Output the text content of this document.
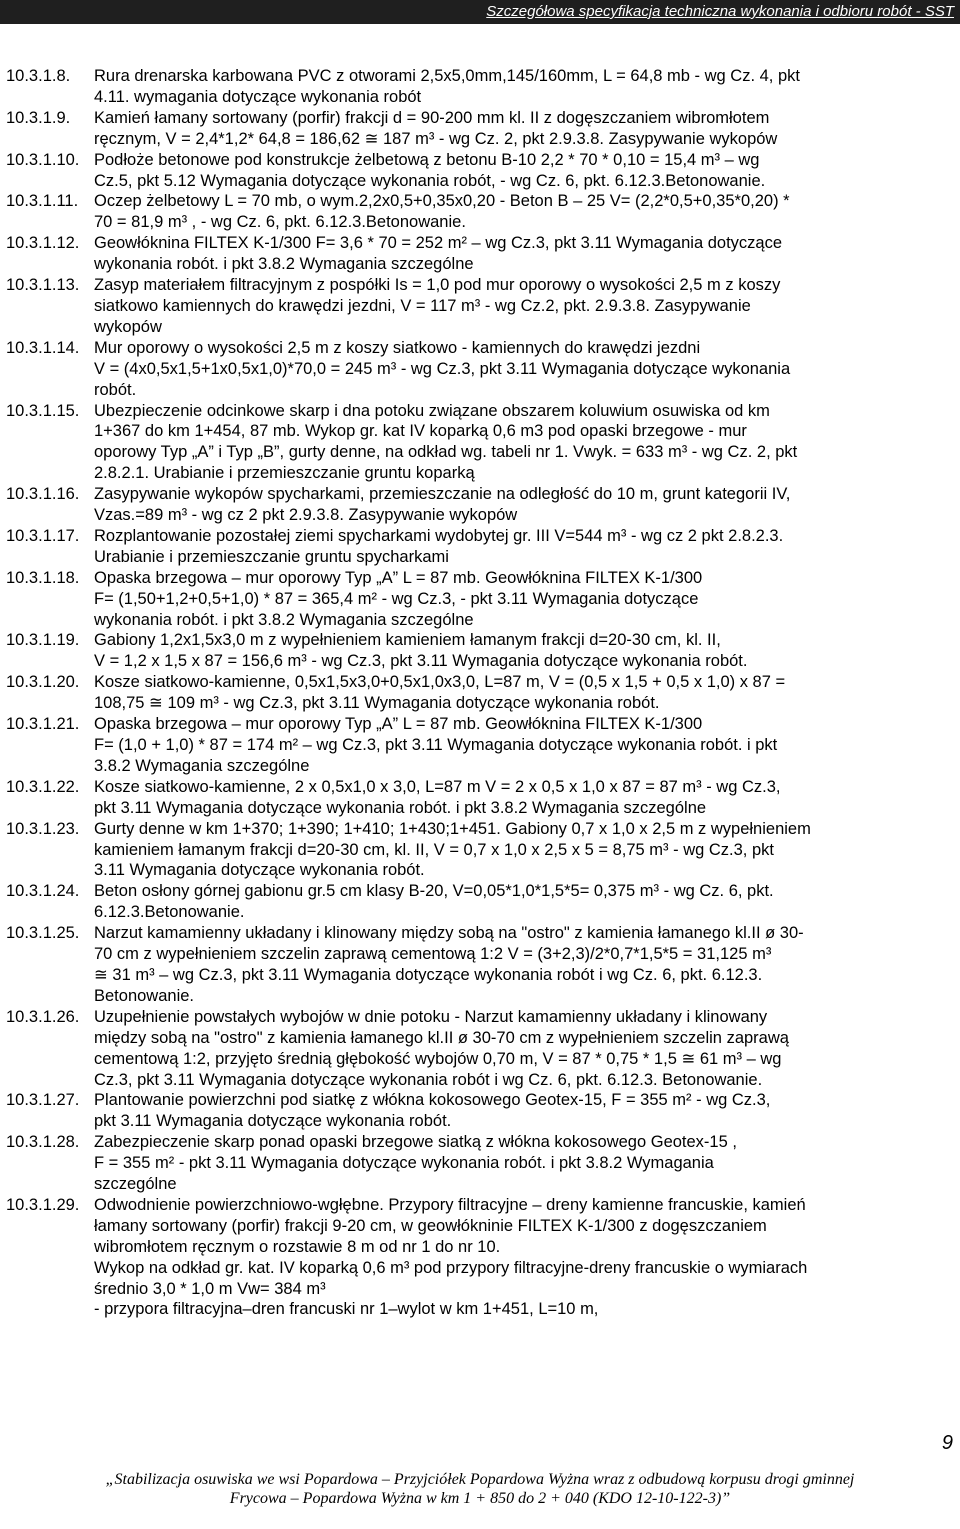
Szczegółowa specyfikacja techniczna wykonania i odbioru robót - SST
10.3.1.8.	Rura drenarska karbowana PVC z otworami 2,5x5,0mm,145/160mm, L = 64,8 mb - wg Cz. 4, pkt
4.11. wymagania dotyczące wykonania robót
10.3.1.9.	Kamień łamany sortowany (porfir) frakcji d = 90-200 mm kl. II z dogęszczaniem wibromłotem
ręcznym, V = 2,4*1,2* 64,8 = 186,62 ≅ 187 m³ - wg Cz. 2, pkt 2.9.3.8. Zasypywanie wykopów
10.3.1.10. Podłoże betonowe pod konstrukcje żelbetową z betonu B-10 2,2 * 70 * 0,10 = 15,4 m³ – wg
Cz.5, pkt 5.12 Wymagania dotyczące wykonania robót, - wg Cz. 6, pkt. 6.12.3.Betonowanie.
10.3.1.11. Oczep żelbetowy L = 70 mb, o wym.2,2x0,5+0,35x0,20 - Beton B – 25 V= (2,2*0,5+0,35*0,20) *
70 = 81,9 m³ , - wg Cz. 6, pkt. 6.12.3.Betonowanie.
10.3.1.12. Geowłóknina FILTEX K-1/300 F= 3,6 * 70 = 252 m² – wg Cz.3, pkt 3.11 Wymagania dotyczące
wykonania robót. i pkt 3.8.2 Wymagania szczególne
10.3.1.13. Zasyp materiałem filtracyjnym z pospółki Is = 1,0 pod mur oporowy o wysokości 2,5 m z koszy
siatkowo kamiennych do krawędzi jezdni, V = 117 m³ - wg Cz.2, pkt. 2.9.3.8. Zasypywanie
wykopów
10.3.1.14. Mur oporowy o wysokości 2,5 m z koszy siatkowo - kamiennych do krawędzi jezdni
V = (4x0,5x1,5+1x0,5x1,0)*70,0 = 245 m³ - wg Cz.3, pkt 3.11 Wymagania dotyczące wykonania
robót.
10.3.1.15. Ubezpieczenie odcinkowe skarp i dna potoku związane obszarem koluwium osuwiska od km
1+367 do km 1+454, 87 mb. Wykop gr. kat IV koparką 0,6 m3 pod opaski brzegowe - mur
oporowy Typ „A” i Typ „B”, gurty denne, na odkład wg. tabeli nr 1. Vwyk. = 633 m³ - wg Cz. 2, pkt
2.8.2.1. Urabianie i przemieszczanie gruntu koparką
10.3.1.16. Zasypywanie wykopów spycharkami, przemieszczanie na odległość do 10 m, grunt kategorii IV,
Vzas.=89 m³ - wg cz 2 pkt 2.9.3.8. Zasypywanie wykopów
10.3.1.17. Rozplantowanie pozostałej ziemi spycharkami wydobytej gr. III V=544 m³ - wg cz 2 pkt 2.8.2.3.
Urabianie i przemieszczanie gruntu spycharkami
10.3.1.18. Opaska brzegowa – mur oporowy Typ „A” L = 87 mb. Geowłóknina FILTEX K-1/300
F= (1,50+1,2+0,5+1,0) * 87 = 365,4 m² - wg Cz.3, - pkt 3.11 Wymagania dotyczące
wykonania robót. i pkt 3.8.2 Wymagania szczególne
10.3.1.19. Gabiony 1,2x1,5x3,0 m z wypełnieniem kamieniem łamanym frakcji d=20-30 cm, kl. II,
V = 1,2 x 1,5 x 87 = 156,6 m³ - wg Cz.3, pkt 3.11 Wymagania dotyczące wykonania robót.
10.3.1.20. Kosze siatkowo-kamienne, 0,5x1,5x3,0+0,5x1,0x3,0, L=87 m, V = (0,5 x 1,5 + 0,5 x 1,0) x 87 =
108,75 ≅ 109 m³ - wg Cz.3, pkt 3.11 Wymagania dotyczące wykonania robót.
10.3.1.21. Opaska brzegowa – mur oporowy Typ „A” L = 87 mb. Geowłóknina FILTEX K-1/300
F= (1,0 + 1,0) * 87 = 174 m² – wg Cz.3, pkt 3.11 Wymagania dotyczące wykonania robót. i pkt
3.8.2 Wymagania szczególne
10.3.1.22. Kosze siatkowo-kamienne, 2 x 0,5x1,0 x 3,0, L=87 m V = 2 x 0,5 x 1,0 x 87 = 87 m³ - wg Cz.3,
pkt 3.11 Wymagania dotyczące wykonania robót. i pkt 3.8.2 Wymagania szczególne
10.3.1.23. Gurty denne w km 1+370; 1+390; 1+410; 1+430;1+451. Gabiony 0,7 x 1,0 x 2,5 m z wypełnieniem
kamieniem łamanym frakcji d=20-30 cm, kl. II, V = 0,7 x 1,0 x 2,5 x 5 = 8,75 m³ - wg Cz.3, pkt
3.11 Wymagania dotyczące wykonania robót.
10.3.1.24. Beton osłony górnej gabionu gr.5 cm klasy B-20, V=0,05*1,0*1,5*5= 0,375 m³ - wg Cz. 6, pkt.
6.12.3.Betonowanie.
10.3.1.25. Narzut kamamienny układany i klinowany między sobą na "ostro" z kamienia łamanego kl.II ø 30-
70 cm z wypełnieniem szczelin zaprawą cementową 1:2 V = (3+2,3)/2*0,7*1,5*5 = 31,125 m³
≅ 31 m³ – wg Cz.3, pkt 3.11 Wymagania dotyczące wykonania robót i wg Cz. 6, pkt. 6.12.3.
Betonowanie.
10.3.1.26. Uzupełnienie powstałych wybojów w dnie potoku - Narzut kamamienny układany i klinowany
między sobą na "ostro" z kamienia łamanego kl.II ø 30-70 cm z wypełnieniem szczelin zaprawą
cementową 1:2, przyjęto średnią głębokość wybojów 0,70 m, V = 87 * 0,75 * 1,5 ≅ 61 m³ – wg
Cz.3, pkt 3.11 Wymagania dotyczące wykonania robót i wg Cz. 6, pkt. 6.12.3. Betonowanie.
10.3.1.27. Plantowanie powierzchni pod siatkę z włókna kokosowego Geotex-15, F = 355 m² - wg Cz.3,
pkt 3.11 Wymagania dotyczące wykonania robót.
10.3.1.28. Zabezpieczenie skarp ponad opaski brzegowe siatką z włókna kokosowego Geotex-15 ,
F = 355 m² - pkt 3.11 Wymagania dotyczące wykonania robót. i pkt 3.8.2 Wymagania
szczególne
10.3.1.29. Odwodnienie powierzchniowo-wgłębne. Przypory filtracyjne – dreny kamienne francuskie, kamień
łamany sortowany (porfir) frakcji 9-20 cm, w geowłókninie FILTEX K-1/300 z dogęszczaniem
wibromłotem ręcznym o rozstawie 8 m od nr 1 do nr 10.
Wykop na odkład gr. kat. IV koparką 0,6 m³ pod przypory filtracyjne-dreny francuskie o wymiarach
średnio 3,0 * 1,0 m Vw= 384 m³
- przypora filtracyjna–dren francuski nr 1–wylot w km 1+451, L=10 m,
9
„Stabilizacja osuwiska we wsi Popardowa – Przyjciółek Popardowa Wyżna wraz z odbudową korpusu drogi gminnej
Frycowa – Popardowa Wyżna w km 1 + 850 do 2 + 040 (KDO 12-10-122-3)”
